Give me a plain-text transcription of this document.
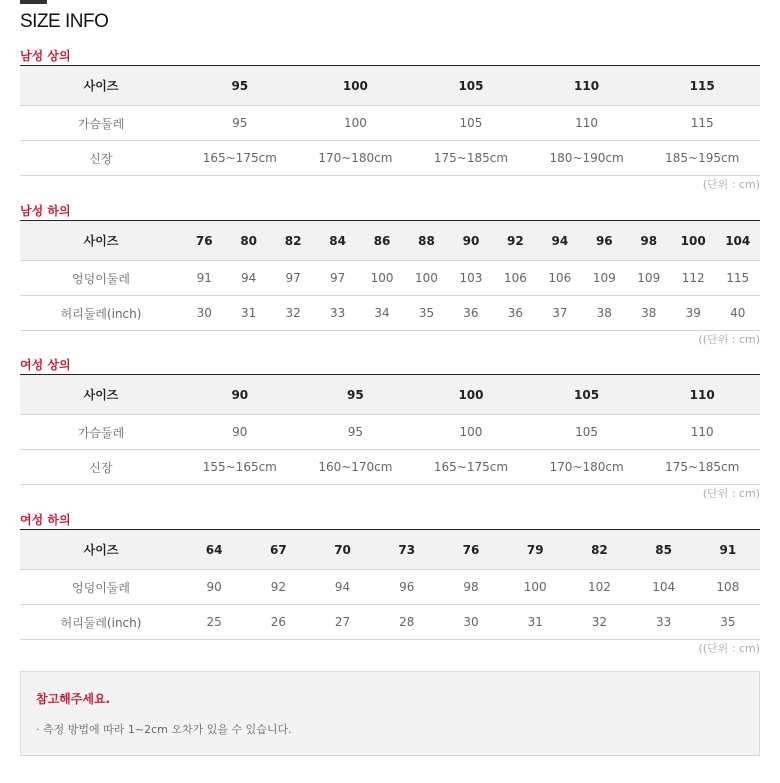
SIZE INFO
남성 상의
사이즈	95	100	105	110	115
가슴둘레	95	100	105	110	115
신장	165~175cm	170~180cm	175~185cm	180~190cm	185~195cm
(단위 : cm)
남성 하의
사이즈	76	80	82	84	86	88	90	92	94	96	98	100	104
엉덩이둘레	91	94	97	97	100	100	103	106	106	109	109	112	115
허리둘레(inch)	30	31	32	33	34	35	36	36	37	38	38	39	40
((단위 : cm)
여성 상의
사이즈	90	95	100	105	110
가슴둘레	90	95	100	105	110
신장	155~165cm	160~170cm	165~175cm	170~180cm	175~185cm
(단위 : cm)
여성 하의
사이즈	64	67	70	73	76	79	82	85	91
엉덩이둘레	90	92	94	96	98	100	102	104	108
허리둘레(inch)	25	26	27	28	30	31	32	33	35
((단위 : cm)
참고해주세요.
· 측정 방법에 따라 1~2cm 오차가 있을 수 있습니다.
